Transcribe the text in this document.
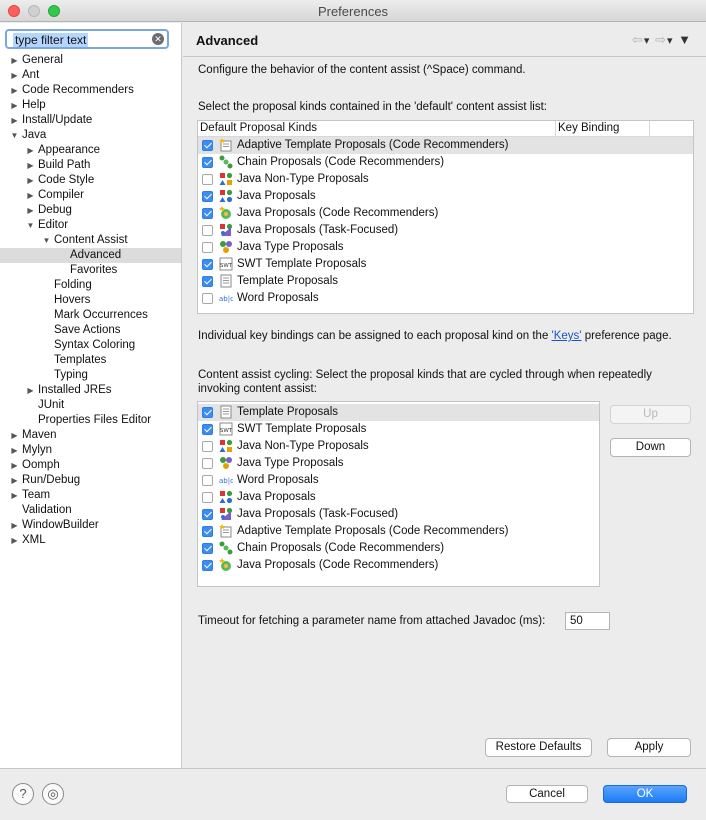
Preferences
type filter text	✕
▶ General
▶ Ant
▶ Code Recommenders
▶ Help
▶ Install/Update
▼ Java
▶ Appearance
▶ Build Path
▶ Code Style
▶ Compiler
▶ Debug
▼ Editor
▼ Content Assist
Advanced
Favorites
Folding
Hovers
Mark Occurrences
Save Actions
Syntax Coloring
Templates
Typing
▶ Installed JREs
JUnit
Properties Files Editor
▶ Maven
▶ Mylyn
▶ Oomph
▶ Run/Debug
▶ Team
Validation
▶ WindowBuilder
▶ XML
Advanced	⇦▾ ⇨▾ ▼
Configure the behavior of the content assist (^Space) command.
Select the proposal kinds contained in the 'default' content assist list:
Default Proposal Kinds	Key Binding
Adaptive Template Proposals (Code Recommenders)
Chain Proposals (Code Recommenders)
Java Non-Type Proposals
Java Proposals
Java Proposals (Code Recommenders)
Java Proposals (Task-Focused)
Java Type Proposals
SWT SWT Template Proposals
Template Proposals
ab|c Word Proposals
Individual key bindings can be assigned to each proposal kind on the 'Keys' preference page.
Content assist cycling: Select the proposal kinds that are cycled through when repeatedly
invoking content assist:
Template Proposals
SWT SWT Template Proposals
Java Non-Type Proposals
Java Type Proposals
ab|c Word Proposals
Java Proposals
Java Proposals (Task-Focused)
Adaptive Template Proposals (Code Recommenders)
Chain Proposals (Code Recommenders)
Java Proposals (Code Recommenders)
Up
Down
Timeout for fetching a parameter name from attached Javadoc (ms):	50
Restore Defaults	Apply
?	◎	Cancel	OK
